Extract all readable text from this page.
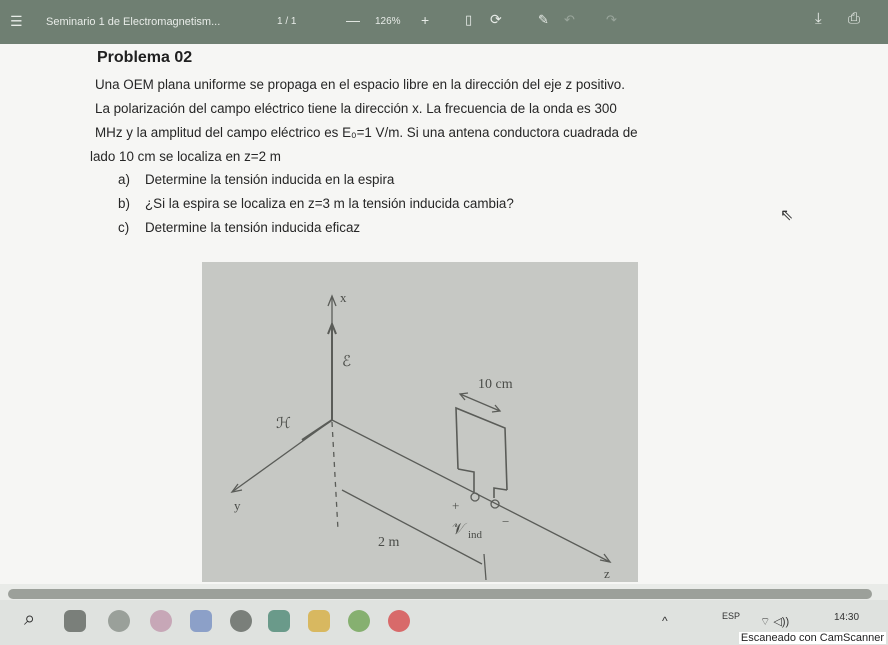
☰ Seminario 1 de Electromagnetism...	1 / 1	— 126% +	▯ ⟳	✎ ↶ ↷	⤓ ⎙
Problema 02
Una OEM plana uniforme se propaga en el espacio libre en la dirección del eje z positivo.
La polarización del campo eléctrico tiene la dirección x. La frecuencia de la onda es 300
MHz y la amplitud del campo eléctrico es E₀=1 V/m. Si una antena conductora cuadrada de
lado 10 cm se localiza en z=2 m
a) Determine la tensión inducida en la espira
b) ¿Si la espira se localiza en z=3 m la tensión inducida cambia?
c) Determine la tensión inducida eficaz
⇖
x
y
z
ℰ
ℋ
10 cm
2 m
𝒱 ind
+
−
⌕	^	ESP ⌔ ◁))	14:30
Escaneado con CamScanner
